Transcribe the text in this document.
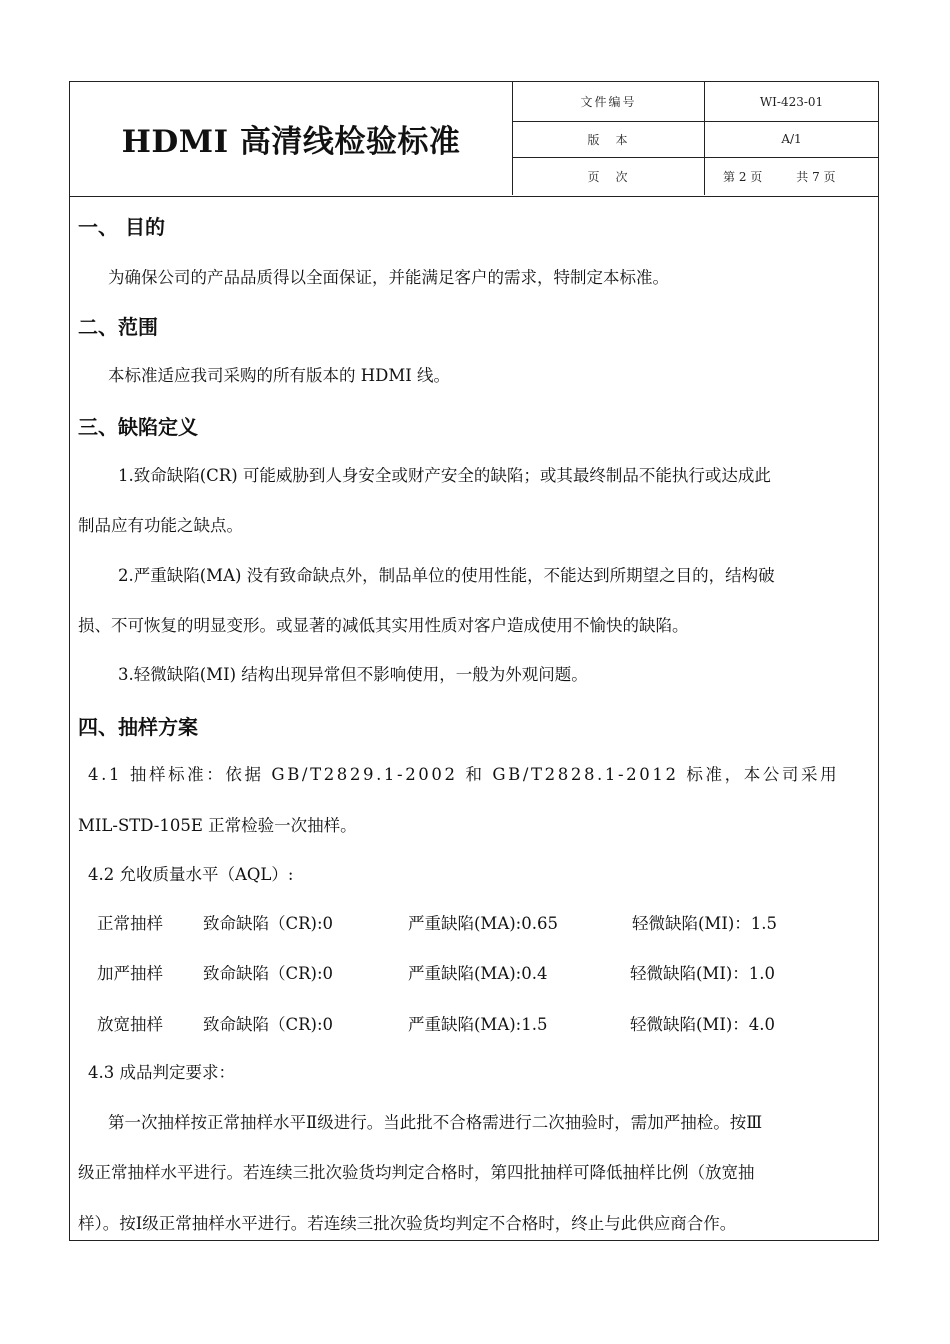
HDMI 高清线检验标准
文件编号	WI-423-01
版　本	A/1
页　次	第 2 页	共 7 页
一、 目的
为确保公司的产品品质得以全面保证，并能满足客户的需求，特制定本标准。
二、范围
本标准适应我司采购的所有版本的 HDMI 线。
三、缺陷定义
1.致命缺陷(CR) 可能威胁到人身安全或财产安全的缺陷；或其最终制品不能执行或达成此
制品应有功能之缺点。
2.严重缺陷(MA) 没有致命缺点外，制品单位的使用性能，不能达到所期望之目的，结构破
损、不可恢复的明显变形。或显著的减低其实用性质对客户造成使用不愉快的缺陷。
3.轻微缺陷(MI) 结构出现异常但不影响使用，一般为外观问题。
四、抽样方案
4.1 抽样标准：依据 GB/T2829.1-2002 和 GB/T2828.1-2012 标准，本公司采用
MIL-STD-105E 正常检验一次抽样。
4.2 允收质量水平（AQL）:
正常抽样 致命缺陷（CR):0	严重缺陷(MA):0.65	轻微缺陷(MI)：1.5
加严抽样 致命缺陷（CR):0	严重缺陷(MA):0.4	轻微缺陷(MI)：1.0
放宽抽样 致命缺陷（CR):0	严重缺陷(MA):1.5	轻微缺陷(MI)：4.0
4.3 成品判定要求：
第一次抽样按正常抽样水平Ⅱ级进行。当此批不合格需进行二次抽验时，需加严抽检。按Ⅲ
级正常抽样水平进行。若连续三批次验货均判定合格时，第四批抽样可降低抽样比例（放宽抽
样）。按Ⅰ级正常抽样水平进行。若连续三批次验货均判定不合格时，终止与此供应商合作。
